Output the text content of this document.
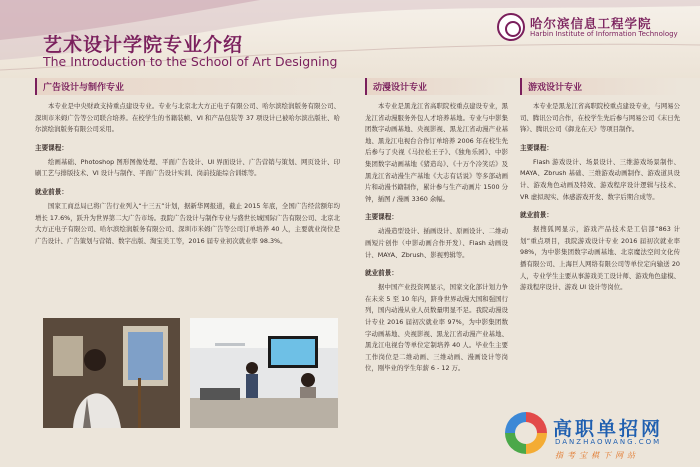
艺术设计学院专业介绍
The Introduction to the School of Art Designing
哈尔滨信息工程学院
Harbin Institute of Information Technology
广告设计与制作专业

本专业是中央财政支持重点建设专业。专业与北京北大方正电子有限公司、哈尔滨绘润版务有限公司、深圳市米姆广告等公司联合培养。在校学生的书籍装帧、VI 和产品包装等 37 项设计已被哈尔滨出版社、哈尔滨绘润版务有限公司采用。

主要课程：

绘画基础、Photoshop 图形图像处理、平面广告设计、UI 界面设计、广告营销与策划、网页设计、印刷工艺与排版技术、VI 设计与制作、平面广告设计实训、岗前技能综合训练等。

就业前景：

国家工商总局已将广告行业列入“十三五”计划，据新华网报道，截止 2015 年底，全国广告经营额年均增长 17.6%，跃升为世界第二大广告市场。我院广告设计与制作专业与盛世长城国际广告有限公司、北京北大方正电子有限公司、哈尔滨绘润版务有限公司、深圳市米姆广告等公司订单培养 40 人，主要就业岗位是广告设计、广告策划与营销、数字出版、淘宝美工等，2016 届专业初次就业率 98.3%。

动漫设计专业

本专业是黑龙江省高职院校重点建设专业，黑龙江省动漫服务外包人才培养基地。专业与中影集团数字动画基地、央视影视、黑龙江省动漫产业基地、黑龙江电视台合作订单培养 2006 年在校生先后参与了央视《马拉松王子》、《独角乐园》、中影集团数字动画基地《猪造岛》、《十万个冷笑话》及黑龙江省动漫生产基地《大志有话说》等多部动画片和动漫书籍制作，累计参与生产动画片 1500 分钟，插图 / 漫画 3360 余幅。

主要课程：

动漫造型设计、插画设计、原画设计、二维动画短片创作（中影动画合作开发）、Flash 动画设计、MAYA、Zbrush、影视剪辑等。

就业前景：

据中国产业投资网显示，国家文化部计划力争在未来 5 至 10 年内，跻身世界动漫大国和强国行列，国内动漫从业人员数量明显不足。我院动漫设计专业 2016 届初次就业率 97%，为中影集团数字动画基地、央视影视、黑龙江省动漫产业基地、黑龙江电视台等单位定制培养 40 人。毕业生主要工作岗位是二维动画、三维动画、漫画设计等岗位，刚毕业的学生年薪 6 - 12 万。

游戏设计专业

本专业是黑龙江省高职院校重点建设专业，与网易公司、腾讯公司合作，在校学生先后参与网易公司《末日先锋》、腾讯公司《御龙在天》等项目制作。

主要课程：

Flash 游戏设计、场景设计、三维游戏场景制作、MAYA、Zbrush 基础、三维游戏动画制作、游戏道具设计、游戏角色动画及特效、游戏程序设计逻辑与技术、VR 虚拟现实、体感游戏开发、数字后期合成等。

就业前景：

据搜狐网显示，游戏产品技术是工信部“863 计划”重点项目，我院游戏设计专业 2016 届初次就业率 98%，为中影集团数字动画基地、北京魔法空间文化传播有限公司、上海巨人网络有限公司等单位定向输送 20 人，专业学生主要从事游戏美工设计师、游戏角色建模、游戏程序设计、游戏 UI 设计等岗位。

高职单招网
DANZHAOWANG.COM
指考宝棋下网站
